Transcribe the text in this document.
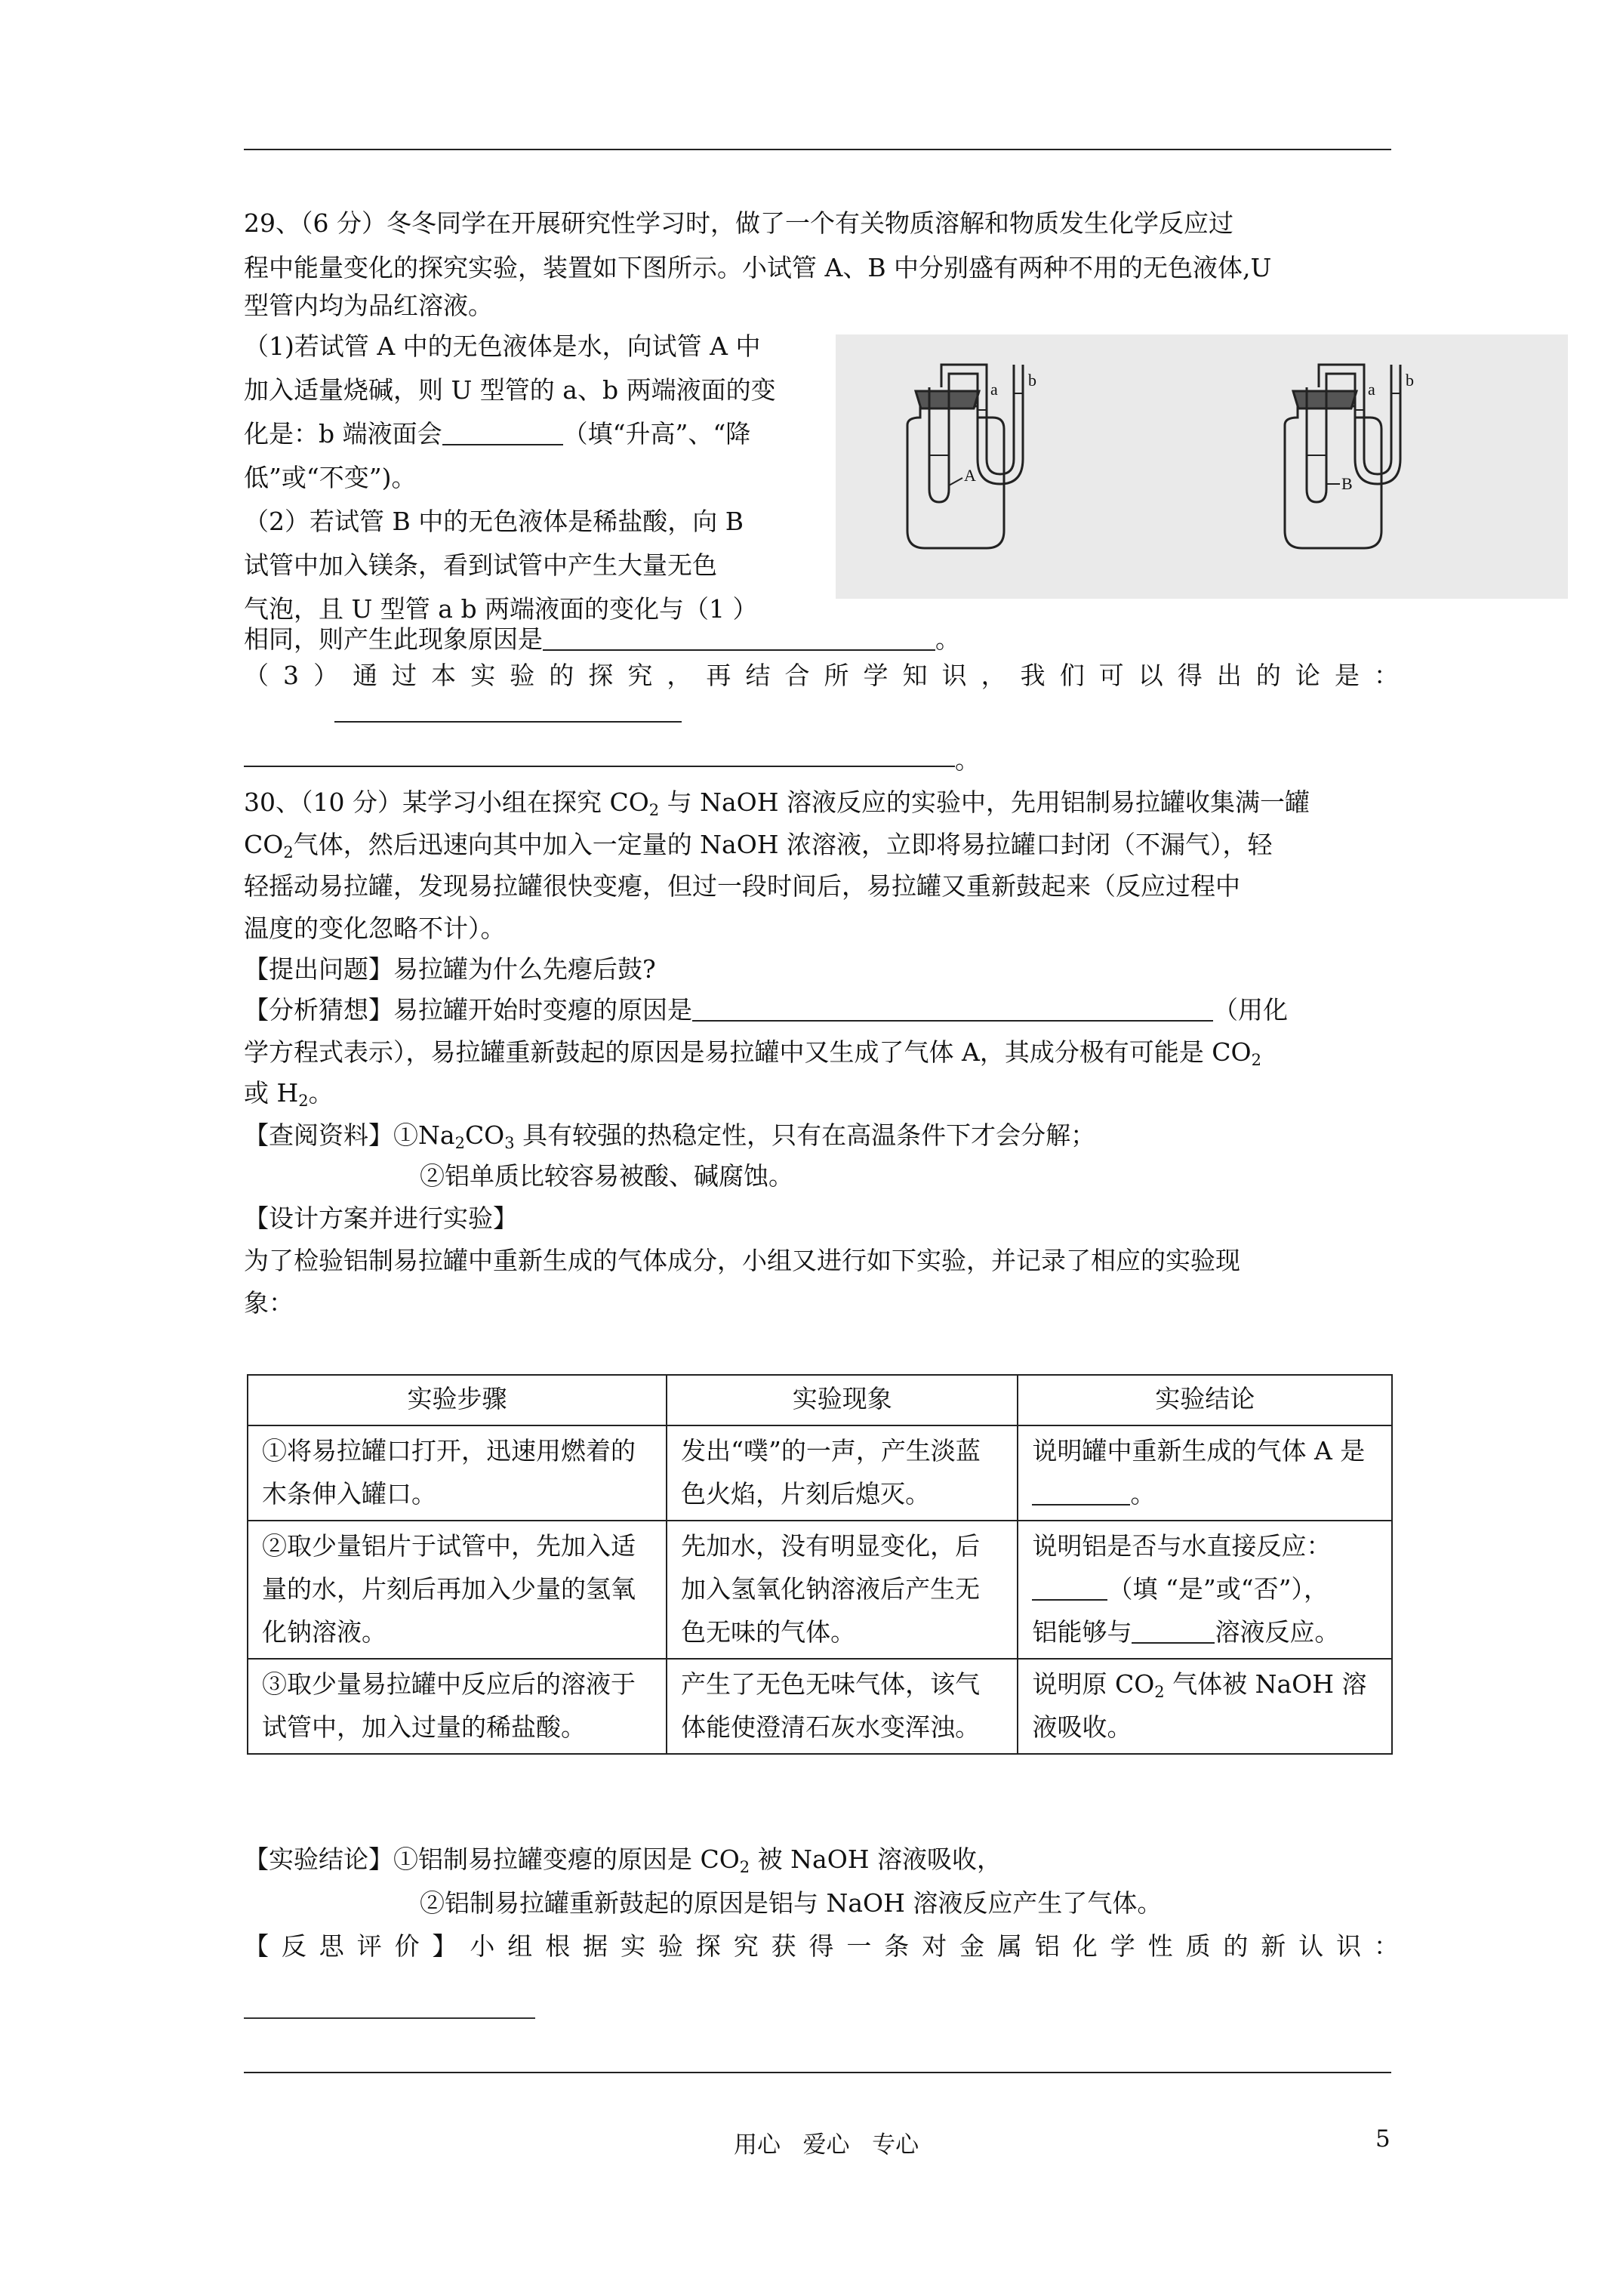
29、（6 分）冬冬同学在开展研究性学习时，做了一个有关物质溶解和物质发生化学反应过

程中能量变化的探究实验，装置如下图所示。小试管 A、B 中分别盛有两种不用的无色液体,U

型管内均为品红溶液。

（1)若试管 A 中的无色液体是水，向试管 A 中

加入适量烧碱，则 U 型管的 a、b 两端液面的变

化是：b 端液面会	（填“升高”、“降

低”或“不变”)。

（2）若试管 B 中的无色液体是稀盐酸，向 B

试管中加入镁条，看到试管中产生大量无色

气泡，且 U 型管 a b 两端液面的变化与（1 ）

相同，则产生此现象原因是	。

（3）通过本实验的探究，再结合所学知识，我们可以得出的论是：

。
A
a b
B
a b

30、（10 分）某学习小组在探究 $CO_2$ 与 NaOH 溶液反应的实验中，先用铝制易拉罐收集满一罐

$CO_2$气体，然后迅速向其中加入一定量的 NaOH 浓溶液，立即将易拉罐口封闭（不漏气），轻

轻摇动易拉罐，发现易拉罐很快变瘪，但过一段时间后，易拉罐又重新鼓起来（反应过程中

温度的变化忽略不计）。

【提出问题】易拉罐为什么先瘪后鼓?

【分析猜想】易拉罐开始时变瘪的原因是	（用化

学方程式表示），易拉罐重新鼓起的原因是易拉罐中又生成了气体 A，其成分极有可能是 $CO_2$

或 $H_2$。

【查阅资料】$①Na_2CO_3$ 具有较强的热稳定性，只有在高温条件下才会分解；

②铝单质比较容易被酸、碱腐蚀。

【设计方案并进行实验】

为了检验铝制易拉罐中重新生成的气体成分，小组又进行如下实验，并记录了相应的实验现

象：

实验步骤	实验现象	实验结论
①将易拉罐口打开，迅速用燃着的木条伸入罐口。	发出“噗”的一声，产生淡蓝色火焰，片刻后熄灭。	说明罐中重新生成的气体 A 是。
②取少量铝片于试管中，先加入适量的水，片刻后再加入少量的氢氧化钠溶液。	先加水，没有明显变化，后加入氢氧化钠溶液后产生无色无味的气体。	说明铝是否与水直接反应：
（填 “是”或“否”），
铝能够与 溶液反应。
③取少量易拉罐中反应后的溶液于试管中，加入过量的稀盐酸。	产生了无色无味气体，该气体能使澄清石灰水变浑浊。	说明原 $CO_2$ 气体被 NaOH 溶液吸收。

【实验结论】①铝制易拉罐变瘪的原因是 $CO_2$ 被 NaOH 溶液吸收，

②铝制易拉罐重新鼓起的原因是铝与 NaOH 溶液反应产生了气体。

【反思评价】小组根据实验探究获得一条对金属铝化学性质的新认识：

用心   爱心   专心	5
